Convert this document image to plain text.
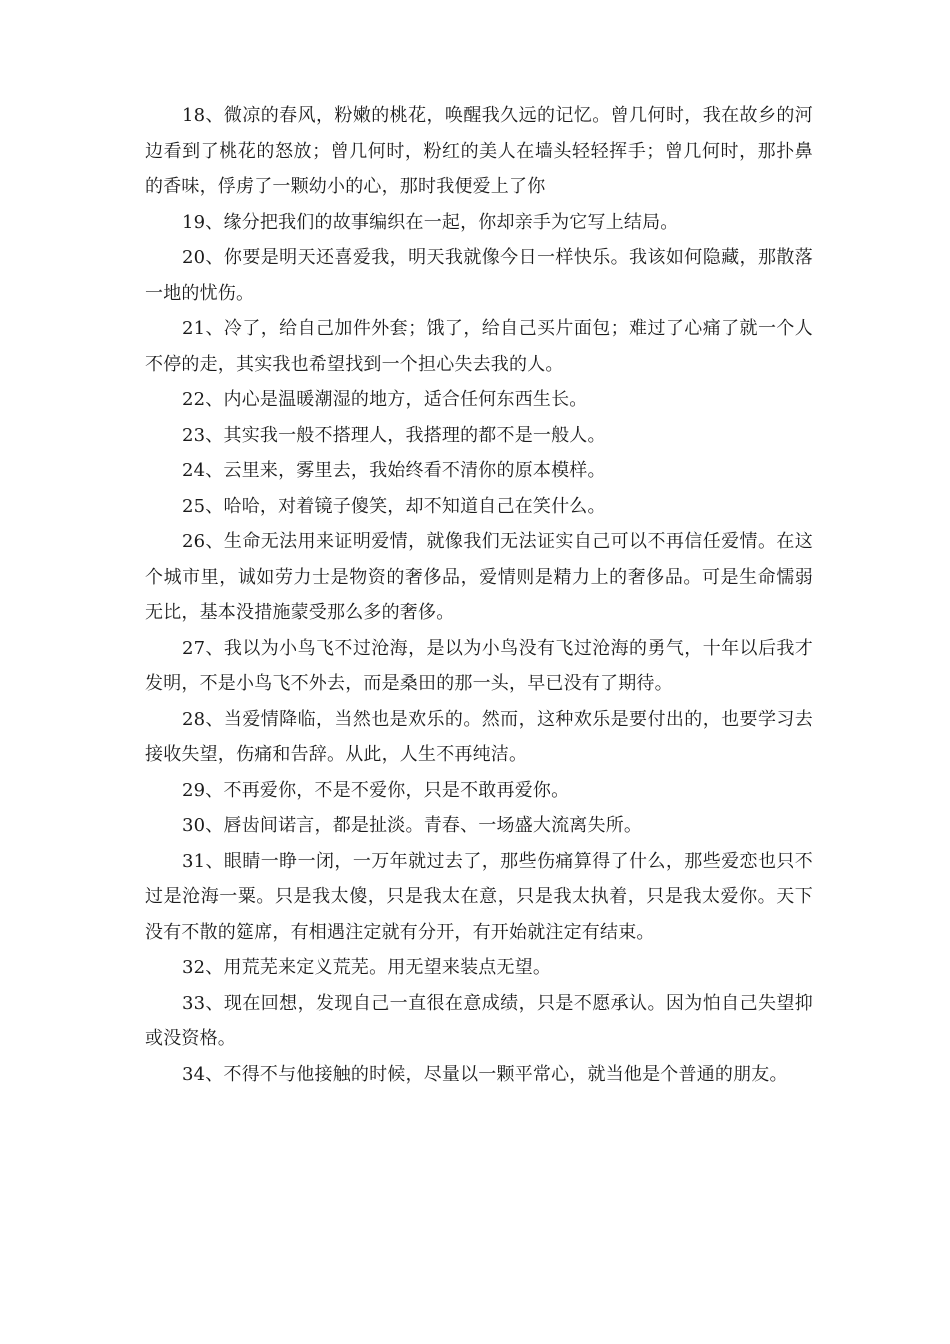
18、微凉的春风，粉嫩的桃花，唤醒我久远的记忆。曾几何时，我在故乡的河边看到了桃花的怒放；曾几何时，粉红的美人在墙头轻轻挥手；曾几何时，那扑鼻的香味，俘虏了一颗幼小的心，那时我便爱上了你

19、缘分把我们的故事编织在一起，你却亲手为它写上结局。

20、你要是明天还喜爱我，明天我就像今日一样快乐。我该如何隐藏，那散落一地的忧伤。

21、冷了，给自己加件外套；饿了，给自己买片面包；难过了心痛了就一个人不停的走，其实我也希望找到一个担心失去我的人。

22、内心是温暖潮湿的地方，适合任何东西生长。

23、其实我一般不搭理人，我搭理的都不是一般人。

24、云里来，雾里去，我始终看不清你的原本模样。

25、哈哈，对着镜子傻笑，却不知道自己在笑什么。

26、生命无法用来证明爱情，就像我们无法证实自己可以不再信任爱情。在这个城市里，诚如劳力士是物资的奢侈品，爱情则是精力上的奢侈品。可是生命懦弱无比，基本没措施蒙受那么多的奢侈。

27、我以为小鸟飞不过沧海，是以为小鸟没有飞过沧海的勇气，十年以后我才发明，不是小鸟飞不外去，而是桑田的那一头，早已没有了期待。

28、当爱情降临，当然也是欢乐的。然而，这种欢乐是要付出的，也要学习去接收失望，伤痛和告辞。从此，人生不再纯洁。

29、不再爱你，不是不爱你，只是不敢再爱你。

30、唇齿间诺言，都是扯淡。青春、一场盛大流离失所。

31、眼睛一睁一闭，一万年就过去了，那些伤痛算得了什么，那些爱恋也只不过是沧海一粟。只是我太傻，只是我太在意，只是我太执着，只是我太爱你。天下没有不散的筵席，有相遇注定就有分开，有开始就注定有结束。

32、用荒芜来定义荒芜。用无望来装点无望。

33、现在回想，发现自己一直很在意成绩，只是不愿承认。因为怕自己失望抑或没资格。

34、不得不与他接触的时候，尽量以一颗平常心，就当他是个普通的朋友。
